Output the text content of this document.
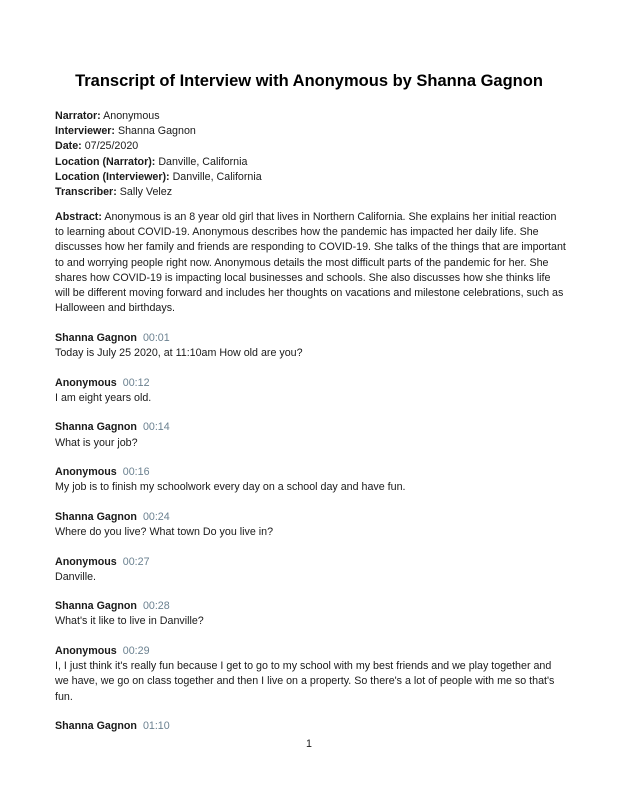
Transcript of Interview with Anonymous by Shanna Gagnon
Narrator: Anonymous
Interviewer: Shanna Gagnon
Date: 07/25/2020
Location (Narrator): Danville, California
Location (Interviewer): Danville, California
Transcriber: Sally Velez
Abstract: Anonymous is an 8 year old girl that lives in Northern California. She explains her initial reaction to learning about COVID-19. Anonymous describes how the pandemic has impacted her daily life. She discusses how her family and friends are responding to COVID-19. She talks of the things that are important to and worrying people right now. Anonymous details the most difficult parts of the pandemic for her. She shares how COVID-19 is impacting local businesses and schools. She also discusses how she thinks life will be different moving forward and includes her thoughts on vacations and milestone celebrations, such as Halloween and birthdays.
Shanna Gagnon 00:01
Today is July 25 2020, at 11:10am How old are you?
Anonymous 00:12
I am eight years old.
Shanna Gagnon 00:14
What is your job?
Anonymous 00:16
My job is to finish my schoolwork every day on a school day and have fun.
Shanna Gagnon 00:24
Where do you live? What town Do you live in?
Anonymous 00:27
Danville.
Shanna Gagnon 00:28
What's it like to live in Danville?
Anonymous 00:29
I, I just think it's really fun because I get to go to my school with my best friends and we play together and we have, we go on class together and then I live on a property. So there's a lot of people with me so that's fun.
Shanna Gagnon 01:10
1
